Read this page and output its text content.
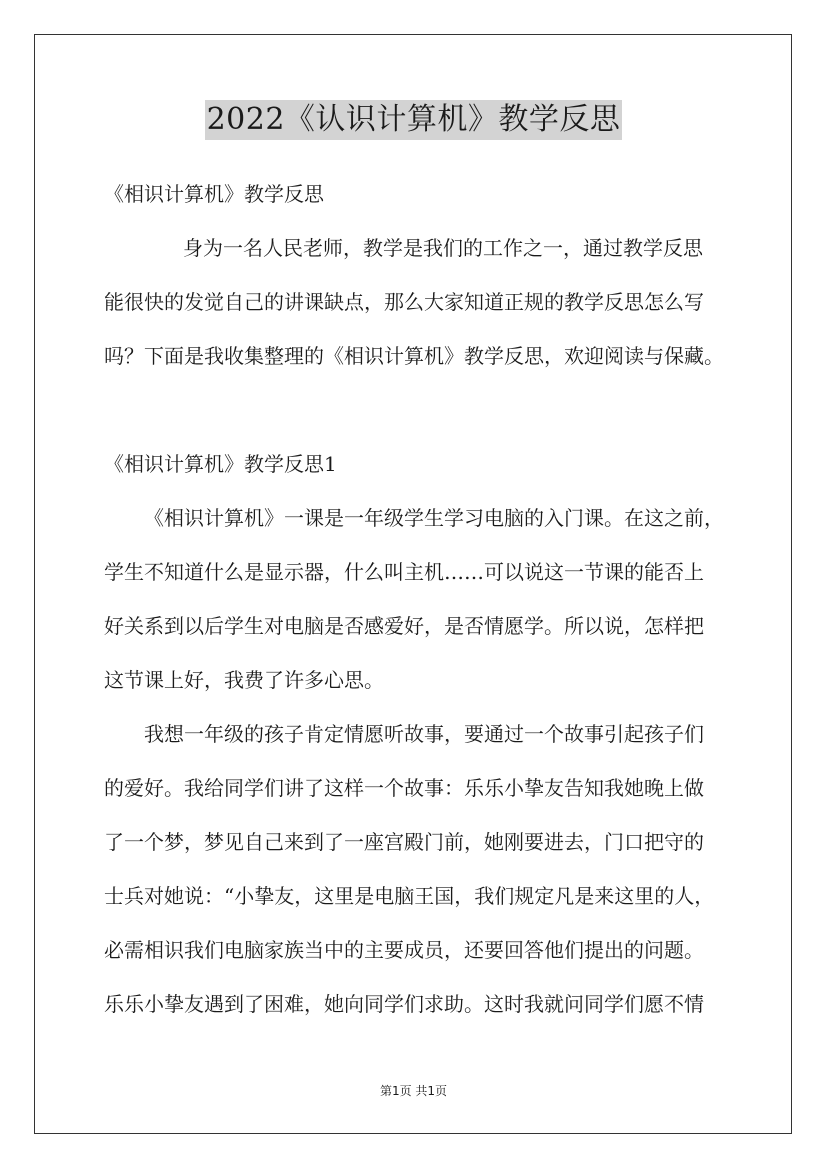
2022《认识计算机》教学反思
《相识计算机》教学反思
身为一名人民老师，教学是我们的工作之一，通过教学反思
能很快的发觉自己的讲课缺点，那么大家知道正规的教学反思怎么写
吗？下面是我收集整理的《相识计算机》教学反思，欢迎阅读与保藏。
《相识计算机》教学反思1
《相识计算机》一课是一年级学生学习电脑的入门课。在这之前，
学生不知道什么是显示器，什么叫主机……可以说这一节课的能否上
好关系到以后学生对电脑是否感爱好，是否情愿学。所以说，怎样把
这节课上好，我费了许多心思。
我想一年级的孩子肯定情愿听故事，要通过一个故事引起孩子们
的爱好。我给同学们讲了这样一个故事：乐乐小挚友告知我她晚上做
了一个梦，梦见自己来到了一座宫殿门前，她刚要进去，门口把守的
士兵对她说：“小挚友，这里是电脑王国，我们规定凡是来这里的人，
必需相识我们电脑家族当中的主要成员，还要回答他们提出的问题。
乐乐小挚友遇到了困难，她向同学们求助。这时我就问同学们愿不情
第1页 共1页
